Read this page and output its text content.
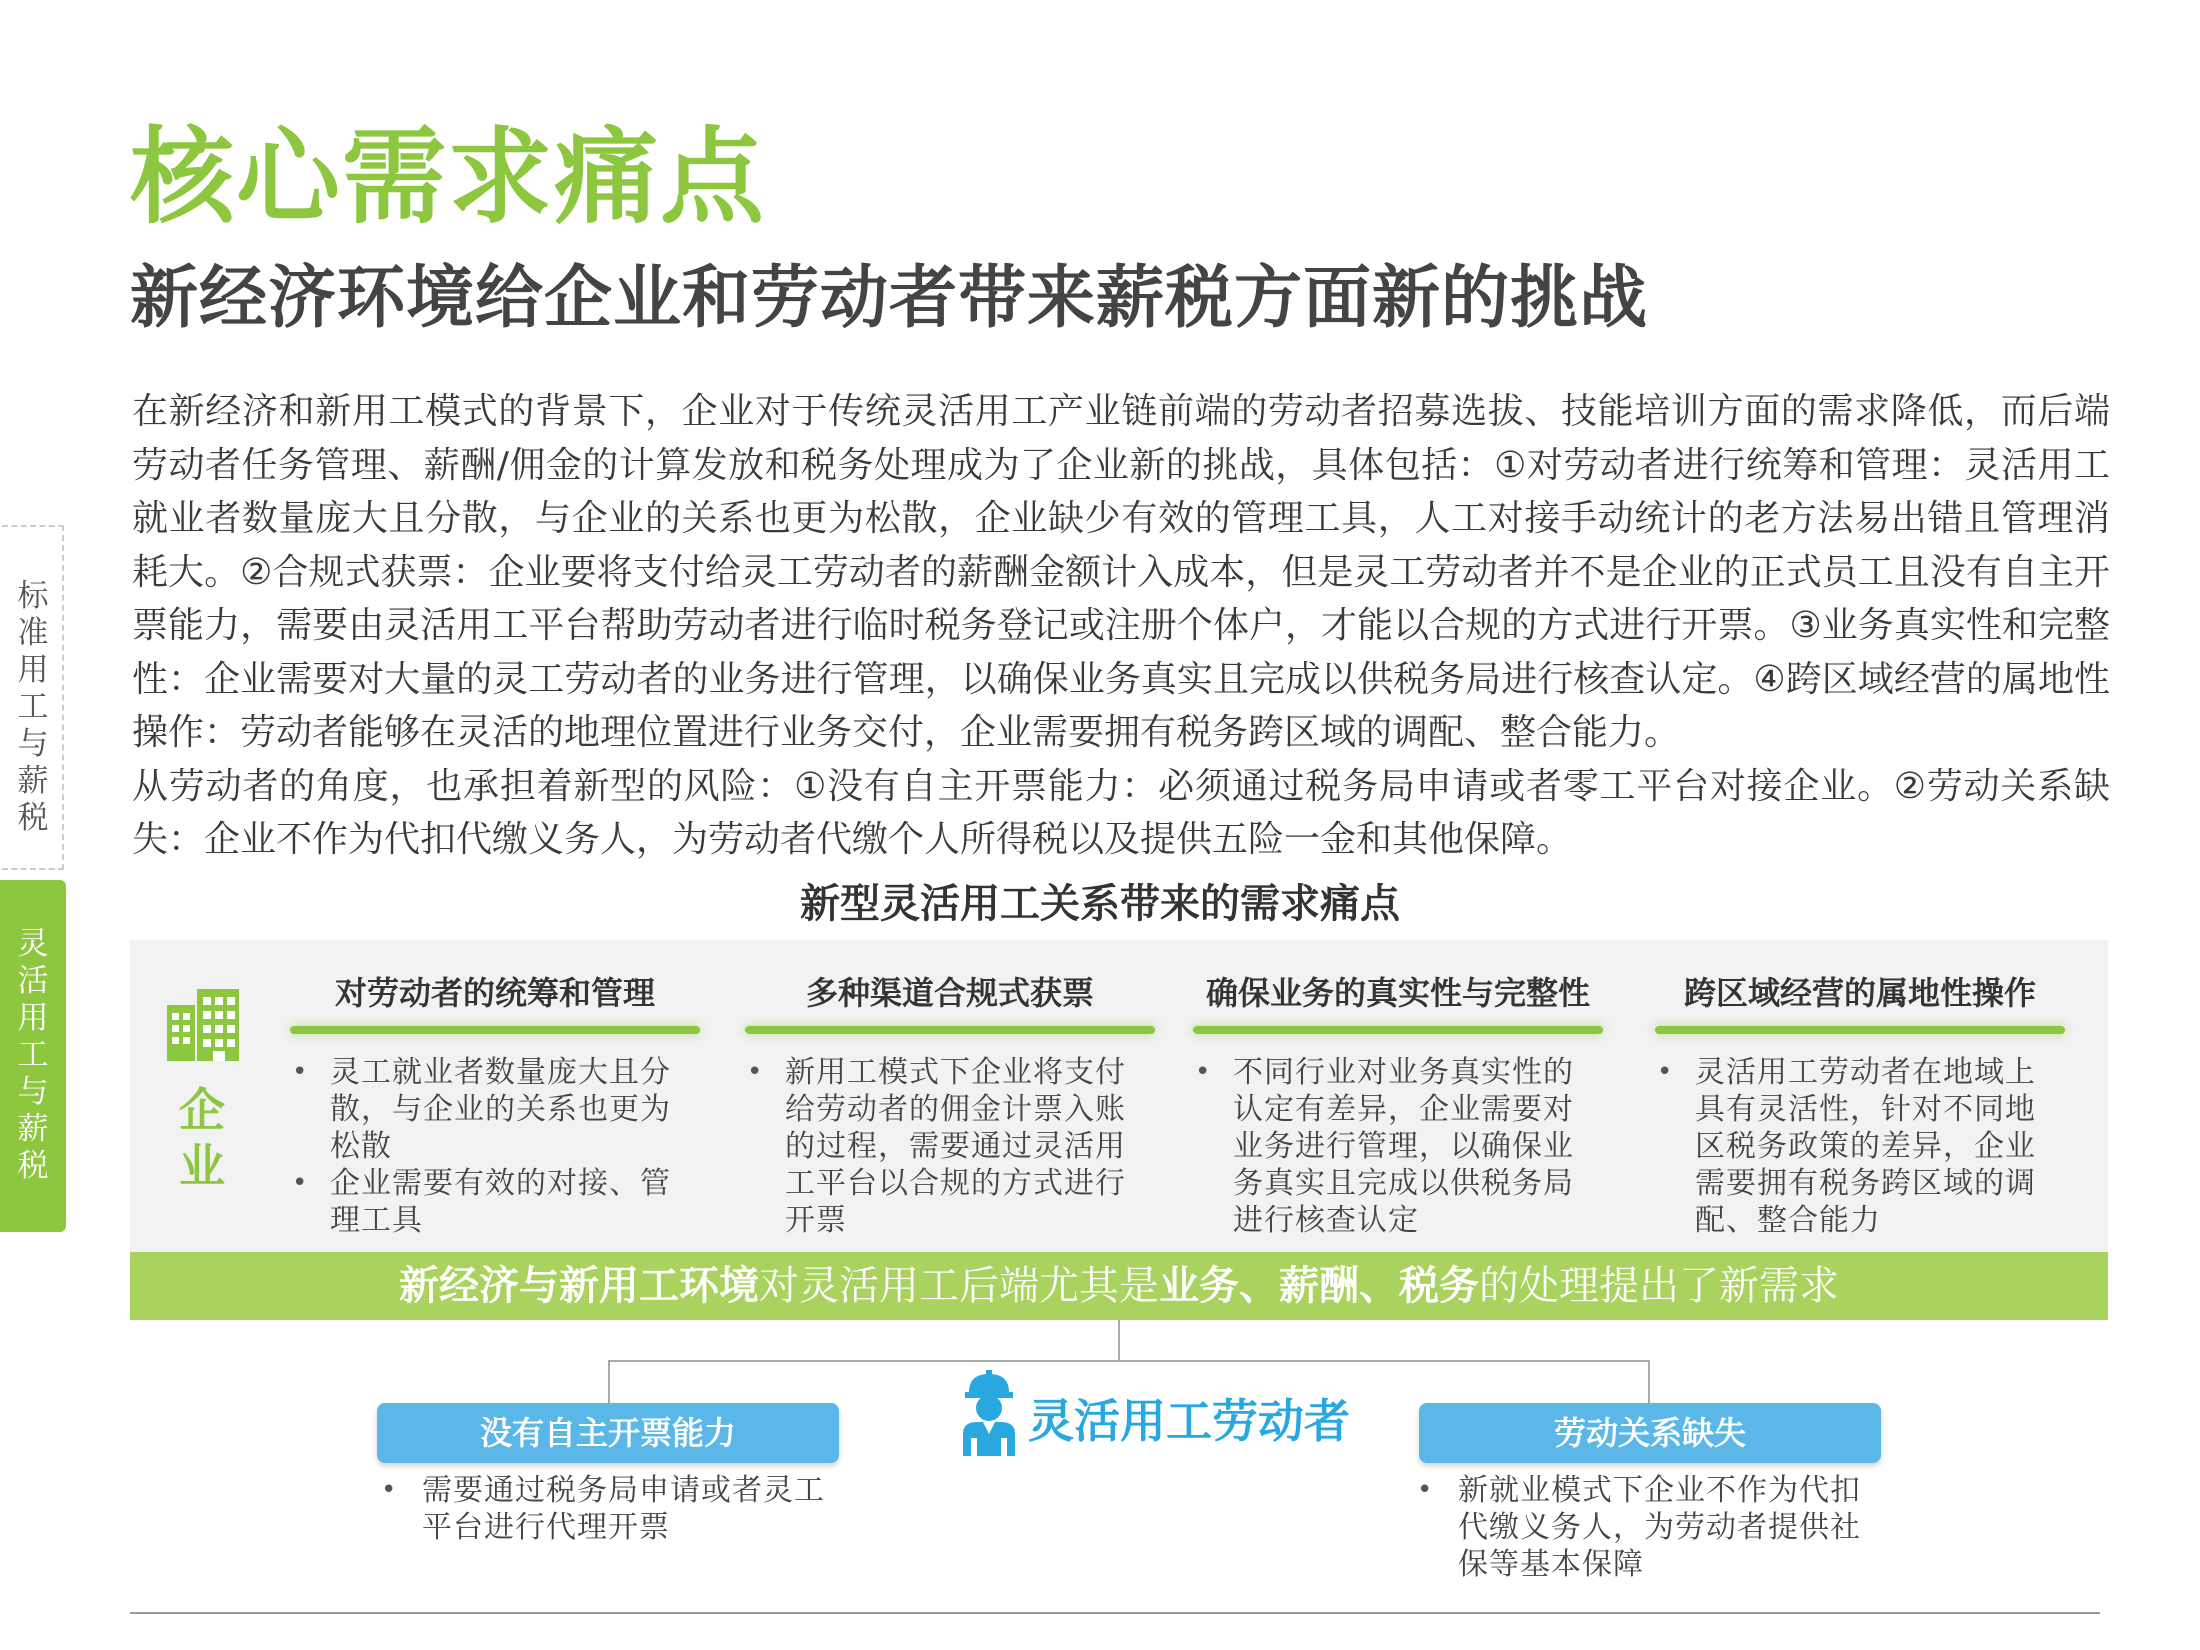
核心需求痛点
新经济环境给企业和劳动者带来薪税方面新的挑战

在新经济和新用工模式的背景下，企业对于传统灵活用工产业链前端的劳动者招募选拔、技能培训方面的需求降低，而后端劳动者任务管理、薪酬/佣金的计算发放和税务处理成为了企业新的挑战，具体包括：①对劳动者进行统筹和管理：灵活用工就业者数量庞大且分散，与企业的关系也更为松散，企业缺少有效的管理工具，人工对接手动统计的老方法易出错且管理消耗大。②合规式获票：企业要将支付给灵工劳动者的薪酬金额计入成本，但是灵工劳动者并不是企业的正式员工且没有自主开票能力，需要由灵活用工平台帮助劳动者进行临时税务登记或注册个体户，才能以合规的方式进行开票。③业务真实性和完整性：企业需要对大量的灵工劳动者的业务进行管理，以确保业务真实且完成以供税务局进行核查认定。④跨区域经营的属地性操作：劳动者能够在灵活的地理位置进行业务交付，企业需要拥有税务跨区域的调配、整合能力。

从劳动者的角度，也承担着新型的风险：①没有自主开票能力：必须通过税务局申请或者零工平台对接企业。②劳动关系缺失：企业不作为代扣代缴义务人，为劳动者代缴个人所得税以及提供五险一金和其他保障。

标
准
用
工
与
薪
税
灵
活
用
工
与
薪
税
新型灵活用工关系带来的需求痛点
企
业
对劳动者的统筹和管理
• 灵工就业者数量庞大且分散，与企业的关系也更为松散
• 企业需要有效的对接、管理工具
多种渠道合规式获票
• 新用工模式下企业将支付给劳动者的佣金计票入账的过程，需要通过灵活用工平台以合规的方式进行开票
确保业务的真实性与完整性
• 不同行业对业务真实性的认定有差异，企业需要对业务进行管理，以确保业务真实且完成以供税务局进行核查认定
跨区域经营的属地性操作
• 灵活用工劳动者在地域上具有灵活性，针对不同地区税务政策的差异，企业需要拥有税务跨区域的调配、整合能力
新经济与新用工环境对灵活用工后端尤其是业务、薪酬、税务的处理提出了新需求
灵活用工劳动者
没有自主开票能力	劳动关系缺失
• 需要通过税务局申请或者灵工平台进行代理开票
• 新就业模式下企业不作为代扣代缴义务人，为劳动者提供社保等基本保障
